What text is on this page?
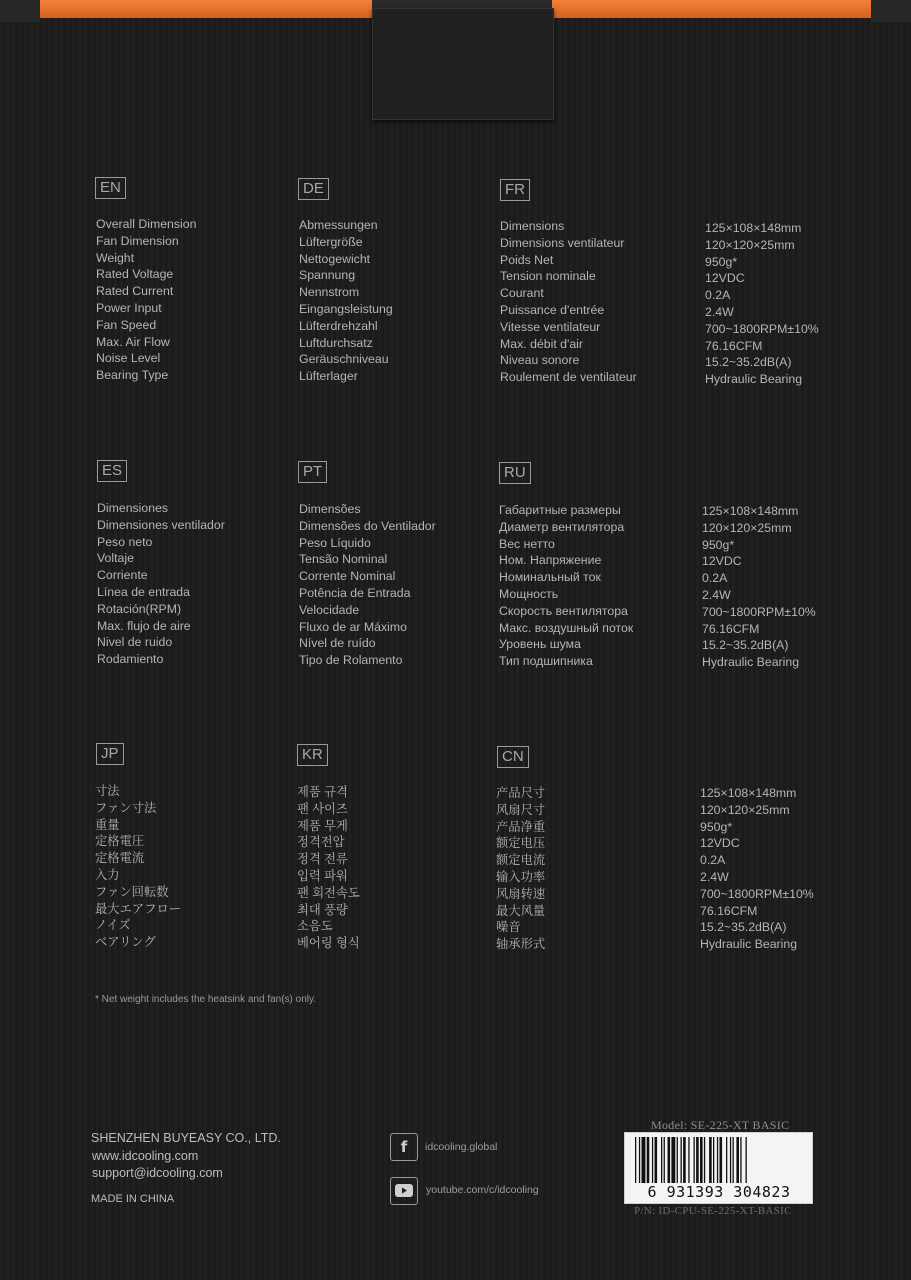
EN
Overall Dimension
Fan Dimension
Weight
Rated Voltage
Rated Current
Power Input
Fan Speed
Max. Air Flow
Noise Level
Bearing Type
DE
Abmessungen
Lüftergröße
Nettogewicht
Spannung
Nennstrom
Eingangsleistung
Lüfterdrehzahl
Luftdurchsatz
Geräuschniveau
Lüfterlager
FR
Dimensions
Dimensions ventilateur
Poids Net
Tension nominale
Courant
Puissance d'entrée
Vitesse ventilateur
Max. débit d'air
Niveau sonore
Roulement de ventilateur
125×108×148mm
120×120×25mm
950g*
12VDC
0.2A
2.4W
700~1800RPM±10%
76.16CFM
15.2~35.2dB(A)
Hydraulic Bearing
ES
Dimensiones
Dimensiones ventilador
Peso neto
Voltaje
Corriente
Línea de entrada
Rotación(RPM)
Max. flujo de aire
Nivel de ruido
Rodamiento
PT
Dimensões
Dimensões do Ventilador
Peso Líquido
Tensão Nominal
Corrente Nominal
Potência de Entrada
Velocidade
Fluxo de ar Máximo
Nível de ruído
Tipo de Rolamento
RU
Габаритные размеры
Диаметр вентилятора
Вес нетто
Ном. Напряжение
Номинальный ток
Мощность
Скорость вентилятора
Макс. воздушный поток
Уровень шума
Тип подшипника
125×108×148mm
120×120×25mm
950g*
12VDC
0.2A
2.4W
700~1800RPM±10%
76.16CFM
15.2~35.2dB(A)
Hydraulic Bearing
JP
寸法
ファン寸法
重量
定格電圧
定格電流
入力
ファン回転数
最大エアフロー
ノイズ
ベアリング
KR
제품 규격
팬 사이즈
제품 무게
정격전압
정격 전류
입력 파워
팬 회전속도
최대 풍량
소음도
베어링 형식
CN
产品尺寸
风扇尺寸
产品净重
额定电压
额定电流
输入功率
风扇转速
最大风量
噪音
轴承形式
125×108×148mm
120×120×25mm
950g*
12VDC
0.2A
2.4W
700~1800RPM±10%
76.16CFM
15.2~35.2dB(A)
Hydraulic Bearing
* Net weight includes the heatsink and fan(s) only.
SHENZHEN BUYEASY CO., LTD.
www.idcooling.com
support@idcooling.com
MADE IN CHINA
f	idcooling.global
youtube.com/c/idcooling
Model: SE-225-XT BASIC
6 931393 304823
P/N: ID-CPU-SE-225-XT-BASIC
